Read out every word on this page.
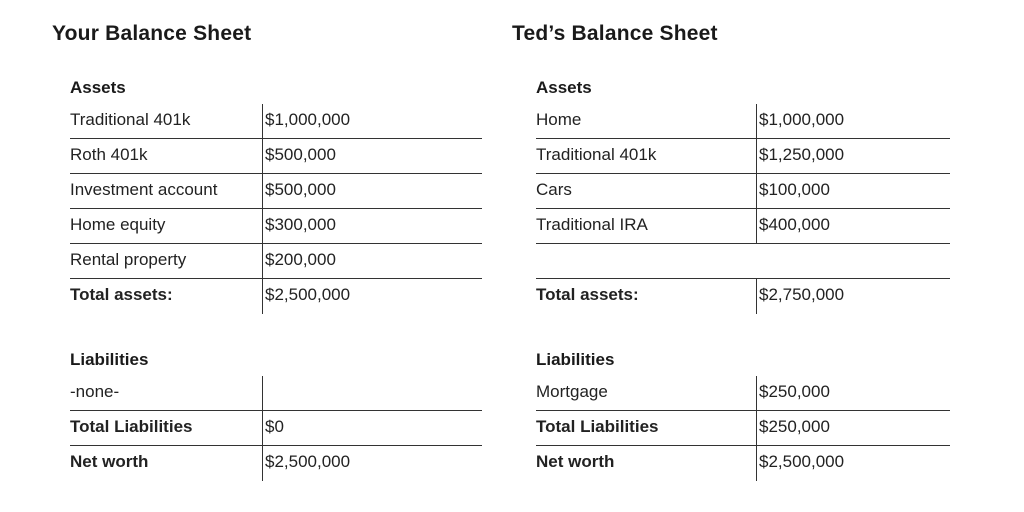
Your Balance Sheet
Assets
Traditional 401k	$1,000,000
Roth 401k	$500,000
Investment account	$500,000
Home equity	$300,000
Rental property	$200,000
Total assets:	$2,500,000
Liabilities
-none-
Total Liabilities	$0
Net worth	$2,500,000
Ted’s Balance Sheet
Assets
Home	$1,000,000
Traditional 401k	$1,250,000
Cars	$100,000
Traditional IRA	$400,000
Total assets:	$2,750,000
Liabilities
Mortgage	$250,000
Total Liabilities	$250,000
Net worth	$2,500,000
